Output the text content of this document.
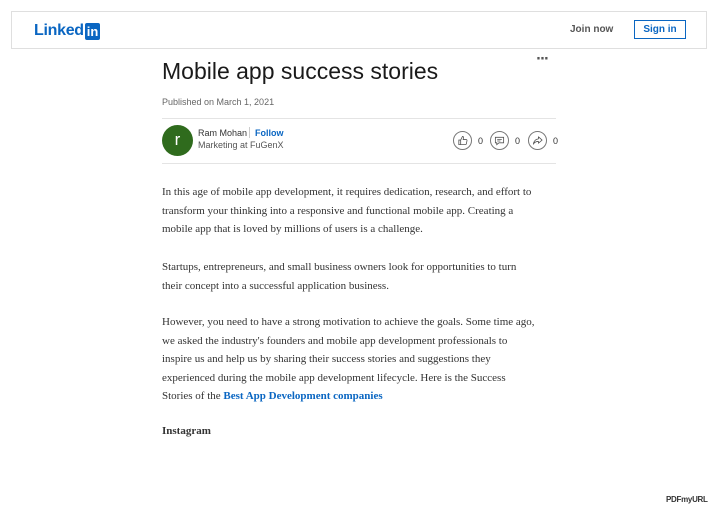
Linked in	Join now	Sign in
···
Mobile app success stories
Published on March 1, 2021
r	Ram Mohan Follow
Marketing at FuGenX	0	0	0
In this age of mobile app development, it requires dedication, research, and effort to
transform your thinking into a responsive and functional mobile app. Creating a
mobile app that is loved by millions of users is a challenge.
Startups, entrepreneurs, and small business owners look for opportunities to turn
their concept into a successful application business.
However, you need to have a strong motivation to achieve the goals. Some time ago,
we asked the industry's founders and mobile app development professionals to
inspire us and help us by sharing their success stories and suggestions they
experienced during the mobile app development lifecycle. Here is the Success
Stories of the Best App Development companies
Instagram
PDFmyURL
